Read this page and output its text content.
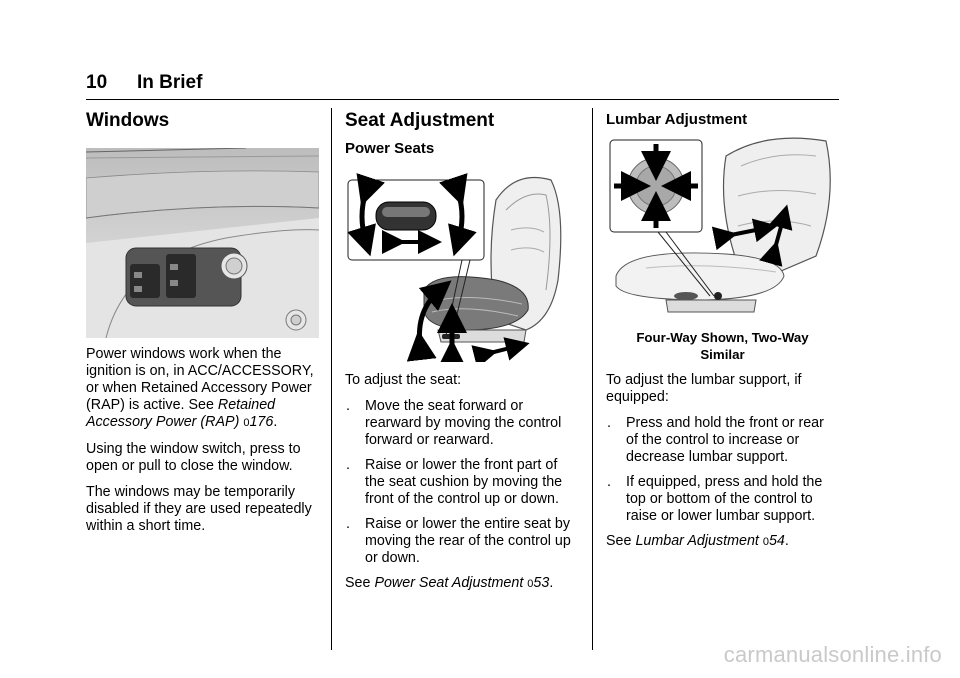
10 In Brief
Windows

Power windows work when the ignition is on, in ACC/ACCESSORY, or when Retained Accessory Power (RAP) is active. See Retained Accessory Power (RAP) 0176.

Using the window switch, press to open or pull to close the window.

The windows may be temporarily disabled if they are used repeatedly within a short time.

Seat Adjustment
Power Seats

To adjust the seat:

. Move the seat forward or rearward by moving the control forward or rearward.
. Raise or lower the front part of the seat cushion by moving the front of the control up or down.
. Raise or lower the entire seat by moving the rear of the control up or down.

See Power Seat Adjustment 053.

Lumbar Adjustment
Four-Way Shown, Two-Way
Similar

To adjust the lumbar support, if equipped:

. Press and hold the front or rear of the control to increase or decrease lumbar support.
. If equipped, press and hold the top or bottom of the control to raise or lower lumbar support.

See Lumbar Adjustment 054.

carmanualsonline.info
